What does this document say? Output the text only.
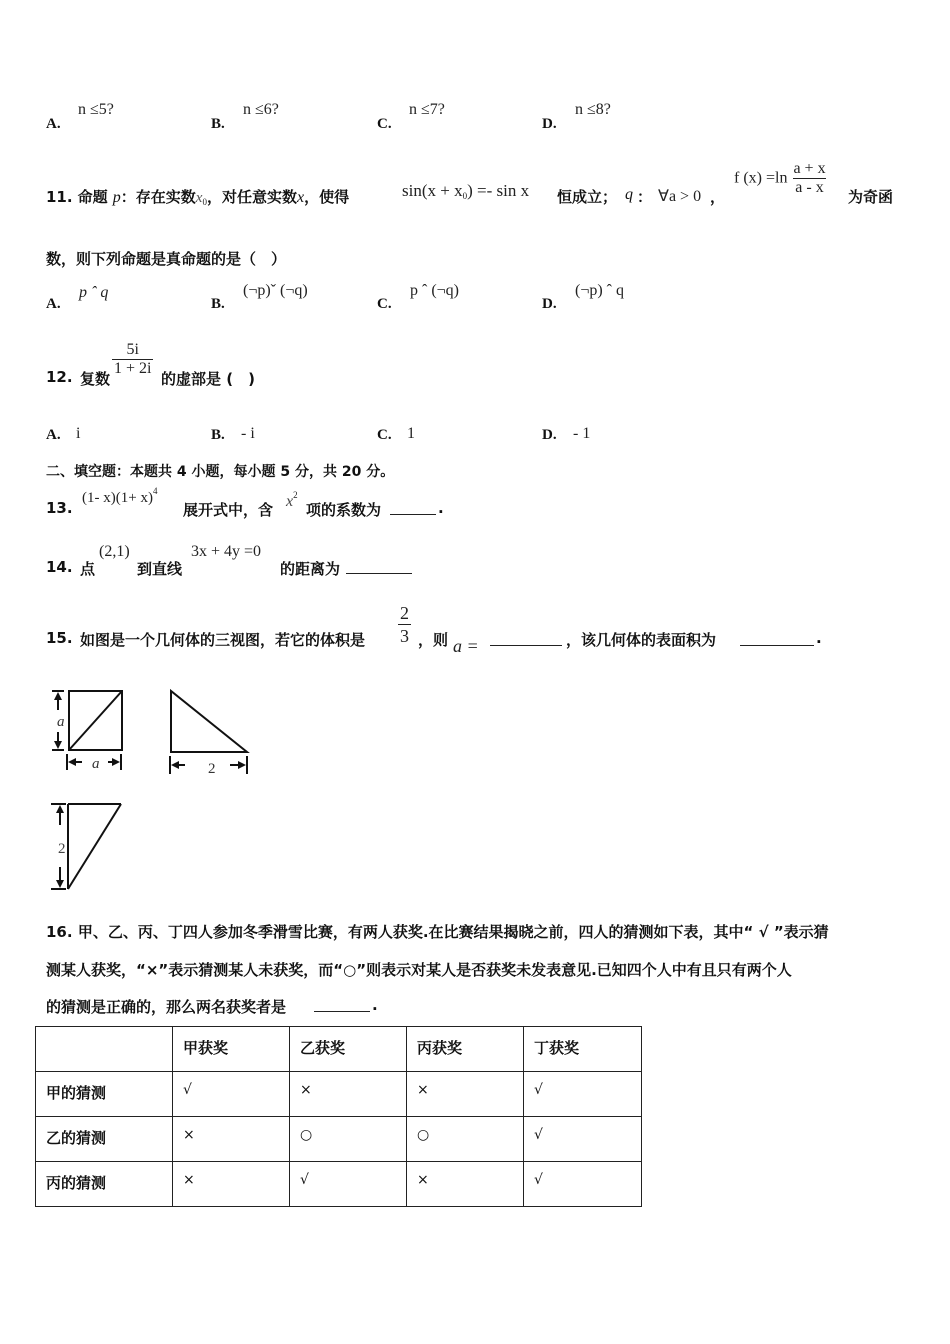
A.
n ≤5?
B.
n ≤6?
C.
n ≤7?
D.
n ≤8?
11. 命题 p：存在实数$x_0$，对任意实数x，使得	$\sin(x + x_0) =- \sin x$ 恒成立； q ： ∀a > 0 ，
f $(x) =\ln \frac{a + x}{a - x}$ 为奇函
数，则下列命题是真命题的是（　）
A.
p ˆ q
B.
(¬p)ˇ (¬q)
C.
p ˆ (¬q)
D.
(¬p) ˆ q
12. 复数
$\frac{5i}{1 + 2i}$
的虚部是 (　)
A. i	B. - i	C. 1	D. - 1
二、填空题：本题共 4 小题，每小题 5 分，共 20 分。
13.
(1- $x)(1+ x)^4$
展开式中，含 $x^2$
项的系数为	.
14. 点
(2,1)
到直线
3x + 4y =0
的距离为
15. 如图是一个几何体的三视图，若它的体积是 $\frac{2}{3}$ ，则 a =	，该几何体的表面积为	.
a
a	2
2
16. 甲、乙、丙、丁四人参加冬季滑雪比赛，有两人获奖.在比赛结果揭晓之前，四人的猜测如下表，其中“ √ ”表示猜
测某人获奖，“×”表示猜测某人未获奖，而“○”则表示对某人是否获奖未发表意见.已知四个人中有且只有两个人
的猜测是正确的，那么两名获奖者是	.
	甲获奖	乙获奖	丙获奖	丁获奖
甲的猜测	√	×	×	√
乙的猜测	×	○	○	√
丙的猜测	×	√	×	√
